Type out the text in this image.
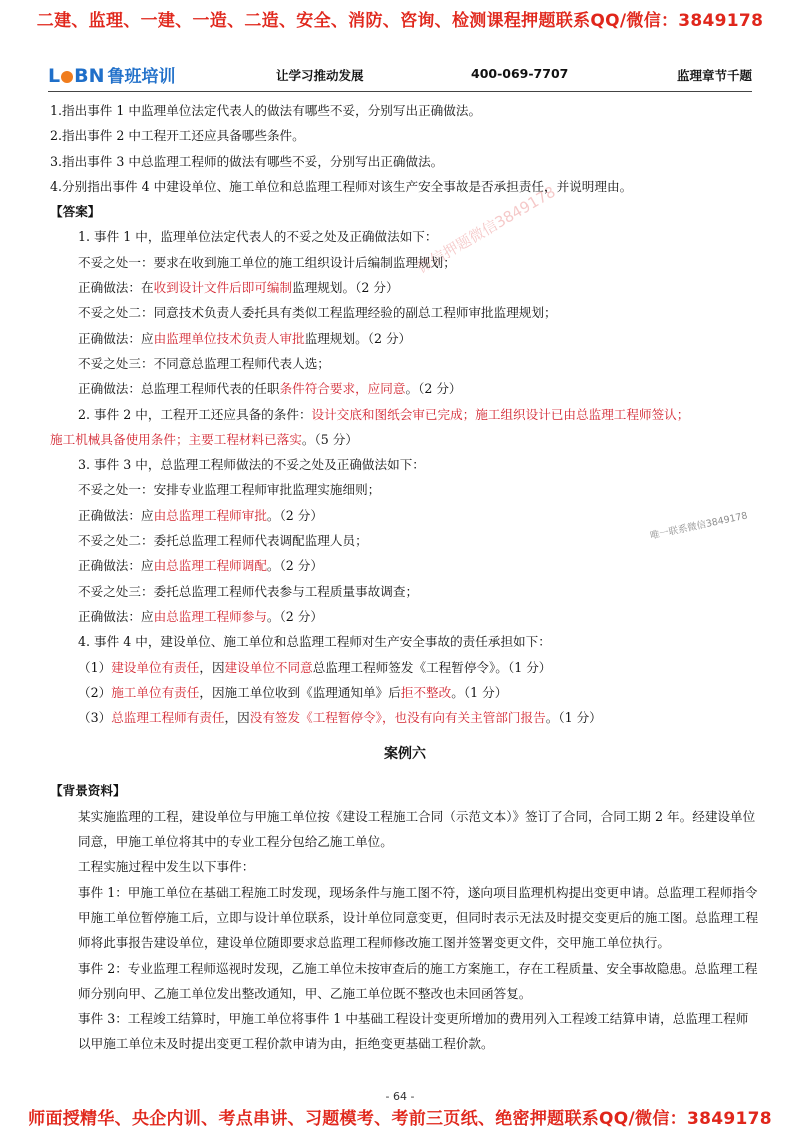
二建、监理、一建、一造、二造、安全、消防、咨询、检测课程押题联系QQ/微信：3849178
L BN 鲁班培训	让学习推动发展	400-069-7707	监理章节千题
微信押题微信3849178
唯一联系微信3849178

1.指出事件 1 中监理单位法定代表人的做法有哪些不妥，分别写出正确做法。

2.指出事件 2 中工程开工还应具备哪些条件。

3.指出事件 3 中总监理工程师的做法有哪些不妥，分别写出正确做法。

4.分别指出事件 4 中建设单位、施工单位和总监理工程师对该生产安全事故是否承担责任，并说明理由。

【答案】

1. 事件 1 中，监理单位法定代表人的不妥之处及正确做法如下：

不妥之处一：要求在收到施工单位的施工组织设计后编制监理规划；

正确做法：在收到设计文件后即可编制监理规划。（2 分）

不妥之处二：同意技术负责人委托具有类似工程监理经验的副总工程师审批监理规划；

正确做法：应由监理单位技术负责人审批监理规划。（2 分）

不妥之处三：不同意总监理工程师代表人选；

正确做法：总监理工程师代表的任职条件符合要求，应同意。（2 分）

2. 事件 2 中，工程开工还应具备的条件：设计交底和图纸会审已完成；施工组织设计已由总监理工程师签认；

施工机械具备使用条件；主要工程材料已落实。（5 分）

3. 事件 3 中，总监理工程师做法的不妥之处及正确做法如下：

不妥之处一：安排专业监理工程师审批监理实施细则；

正确做法：应由总监理工程师审批。（2 分）

不妥之处二：委托总监理工程师代表调配监理人员；

正确做法：应由总监理工程师调配。（2 分）

不妥之处三：委托总监理工程师代表参与工程质量事故调查；

正确做法：应由总监理工程师参与。（2 分）

4. 事件 4 中，建设单位、施工单位和总监理工程师对生产安全事故的责任承担如下：

（1）建设单位有责任，因建设单位不同意总监理工程师签发《工程暂停令》。（1 分）

（2）施工单位有责任，因施工单位收到《监理通知单》后拒不整改。（1 分）

（3）总监理工程师有责任，因没有签发《工程暂停令》，也没有向有关主管部门报告。（1 分）

案例六

【背景资料】

某实施监理的工程，建设单位与甲施工单位按《建设工程施工合同（示范文本）》签订了合同，合同工期 2 年。经建设单位同意，甲施工单位将其中的专业工程分包给乙施工单位。

工程实施过程中发生以下事件：

事件 1：甲施工单位在基础工程施工时发现，现场条件与施工图不符，遂向项目监理机构提出变更申请。总监理工程师指令甲施工单位暂停施工后，立即与设计单位联系，设计单位同意变更，但同时表示无法及时提交变更后的施工图。总监理工程师将此事报告建设单位，建设单位随即要求总监理工程师修改施工图并签署变更文件，交甲施工单位执行。

事件 2：专业监理工程师巡视时发现，乙施工单位未按审查后的施工方案施工，存在工程质量、安全事故隐患。总监理工程师分别向甲、乙施工单位发出整改通知，甲、乙施工单位既不整改也未回函答复。

事件 3：工程竣工结算时，甲施工单位将事件 1 中基础工程设计变更所增加的费用列入工程竣工结算申请，总监理工程师以甲施工单位未及时提出变更工程价款申请为由，拒绝变更基础工程价款。

- 64 -
师面授精华、央企内训、考点串讲、习题模考、考前三页纸、绝密押题联系QQ/微信：3849178
